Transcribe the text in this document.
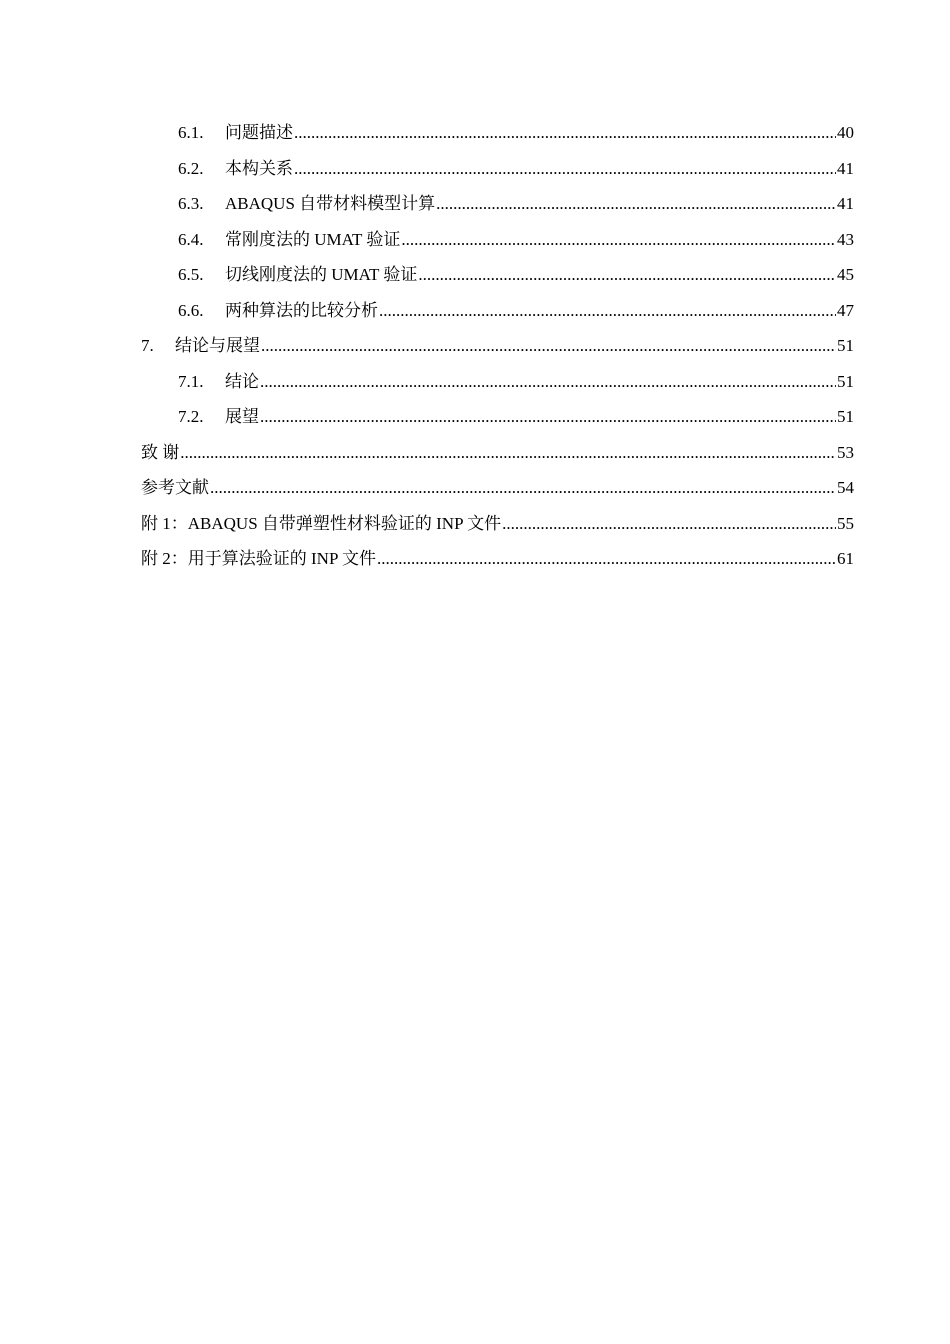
6.1.	问题描述 .....	40
6.2.	本构关系 .....	41
6.3.	ABAQUS 自带材料模型计算 .....	41
6.4.	常刚度法的 UMAT 验证 .....	43
6.5.	切线刚度法的 UMAT 验证 .....	45
6.6.	两种算法的比较分析 .....	47
7.	结论与展望 .....	51
7.1.	结论 .....	51
7.2.	展望 .....	51
致 谢 .....	53
参考文献 .....	54
附 1：ABAQUS 自带弹塑性材料验证的 INP 文件 .....	55
附 2：用于算法验证的 INP 文件 .....	61
